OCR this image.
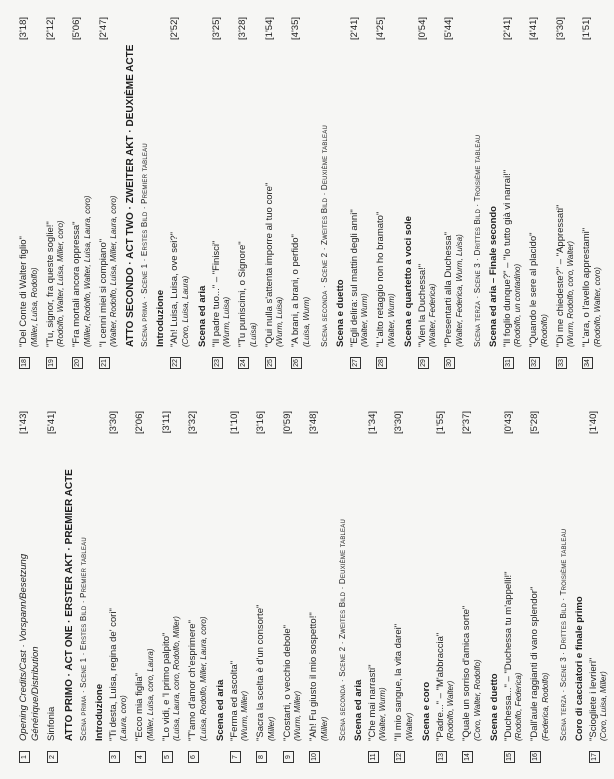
1
Opening Credits/Cast · Vorspann/Besetzung Générique/Distribution
[1'43]
2
Sinfonia
[5'41]
ATTO PRIMO · ACT ONE · ERSTER AKT · PREMIER ACTE Scena prima · Scene 1 · Erstes Bild · Premier tableau Introduzione
3
"Ti desta, Luisa, regina de' cori" (Laura, coro)
[3'30]
4
"Ecco mia figlia" (Miller, Luisa, coro, Laura)
[2'06]
5
"Lo vidi, e 'l primo palpito" (Luisa, Laura, coro, Rodolfo, Miller)
[3'11]
6
"T'amo d'amor ch'esprimere" (Luisa, Rodolfo, Miller, Laura, coro)
[3'32]
Scena ed aria
7
"Ferma ed ascolta" (Wurm, Miller)
[1'10]
8
"Sacra la scelta è d'un consorte" (Miller)
[3'16]
9
"Costarti, o vecchio debole" (Wurm, Miller)
[0'59]
10
"Ah! Fu giusto il mio sospetto!" (Miller)
[3'48]
Scena seconda · Scene 2 · Zweites Bild · Deuxième tableau Scena ed aria
11
"Che mai narrasti" (Walter, Wurm)
[1'34]
12
"Il mio sangue, la vita darei" (Walter)
[3'30]
Scena e coro
13
"Padre..." – "M'abbraccia" (Rodolfo, Walter)
[1'55]
14
"Quale un sorriso d'amica sorte" (Coro, Walter, Rodolfo)
[2'37]
Scena e duetto
15
"Duchessa..." – "Duchessa tu m'appelli!" (Rodolfo, Federica)
[0'43]
16
"Dall'aule raggianti di vano splendor" (Federica, Rodolfo)
[5'28]
Scena terza · Scene 3 · Drittes Bild · Troisième tableau Coro di cacciatori e finale primo
17
"Sciogliete i levrieri" (Coro, Luisa, Miller)
[1'40]
18
"Del Conte di Walter figlio" (Miller, Luisa, Rodolfo)
[3'18]
19
"Tu, signor, fra queste soglie!" (Rodolfo, Walter, Luisa, Miller, coro)
[2'12]
20
"Fra mortali ancora oppressa" (Miller, Rodolfo, Walter, Luisa, Laura, coro)
[5'06]
21
"I cenni miei si compiano" (Walter, Rodolfo, Luisa, Miller, Laura, coro)
[2'47]
ATTO SECONDO · ACT TWO · ZWEITER AKT · DEUXIÈME ACTE Scena prima · Scene 1 · Erstes Bild · Premier tableau Introduzione
22
"Ah! Luisa, Luisa, ove sei?" (Coro, Luisa, Laura)
[2'52]
Scena ed aria
23
"Il padre tuo..." – "Finisci" (Wurm, Luisa)
[3'25]
24
"Tu puniscimi, o Signore" (Luisa)
[3'28]
25
"Qui nulla s'attenta imporre al tuo core" (Wurm, Luisa)
[1'54]
26
"A brani, a brani, o perfido" (Luisa, Wurm)
[4'35]
Scena seconda · Scene 2 · Zweites Bild · Deuxième tableau Scena e duetto
27
"Egli delira: sul mattin degli anni" (Walter, Wurm)
[2'41]
28
"L'alto retaggio non ho bramato" (Walter, Wurm)
[4'25]
Scena e quartetto a voci sole
29
"Vien la Duchessa!" (Walter, Federica)
[0'54]
30
"Presentarti alla Duchessa" (Walter, Federica, Wurm, Luisa)
[5'44]
Scena terza · Scene 3 · Drittes Bild · Troisième tableau Scena ed aria – Finale secondo
31
"Il foglio dunque?" – "Io tutto già vi narrai!" (Rodolfo, un contadino)
[2'41]
32
"Quando le sere al placido" (Rodolfo)
[4'41]
33
"Di me chiedeste?" – "Appressati" (Wurm, Rodolfo, coro, Walter)
[3'30]
34
"L'ara, o l'avello apprestami" (Rodolfo, Walter, coro)
[1'51]
